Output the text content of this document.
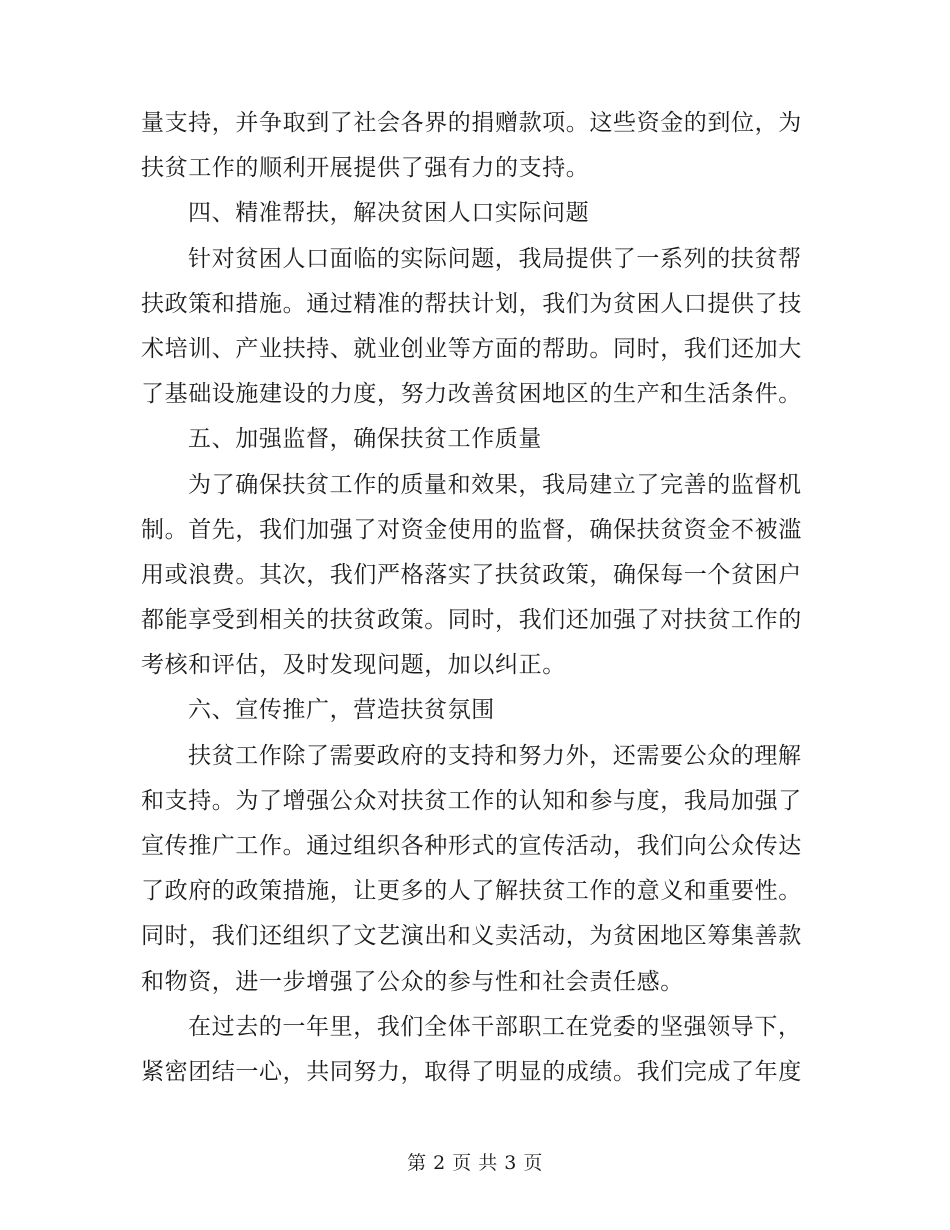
量支持，并争取到了社会各界的捐赠款项。这些资金的到位，为

扶贫工作的顺利开展提供了强有力的支持。

四、精准帮扶，解决贫困人口实际问题

针对贫困人口面临的实际问题，我局提供了一系列的扶贫帮

扶政策和措施。通过精准的帮扶计划，我们为贫困人口提供了技

术培训、产业扶持、就业创业等方面的帮助。同时，我们还加大

了基础设施建设的力度，努力改善贫困地区的生产和生活条件。

五、加强监督，确保扶贫工作质量

为了确保扶贫工作的质量和效果，我局建立了完善的监督机

制。首先，我们加强了对资金使用的监督，确保扶贫资金不被滥

用或浪费。其次，我们严格落实了扶贫政策，确保每一个贫困户

都能享受到相关的扶贫政策。同时，我们还加强了对扶贫工作的

考核和评估，及时发现问题，加以纠正。

六、宣传推广，营造扶贫氛围

扶贫工作除了需要政府的支持和努力外，还需要公众的理解

和支持。为了增强公众对扶贫工作的认知和参与度，我局加强了

宣传推广工作。通过组织各种形式的宣传活动，我们向公众传达

了政府的政策措施，让更多的人了解扶贫工作的意义和重要性。

同时，我们还组织了文艺演出和义卖活动，为贫困地区筹集善款

和物资，进一步增强了公众的参与性和社会责任感。

在过去的一年里，我们全体干部职工在党委的坚强领导下，

紧密团结一心，共同努力，取得了明显的成绩。我们完成了年度

第 2 页 共 3 页
